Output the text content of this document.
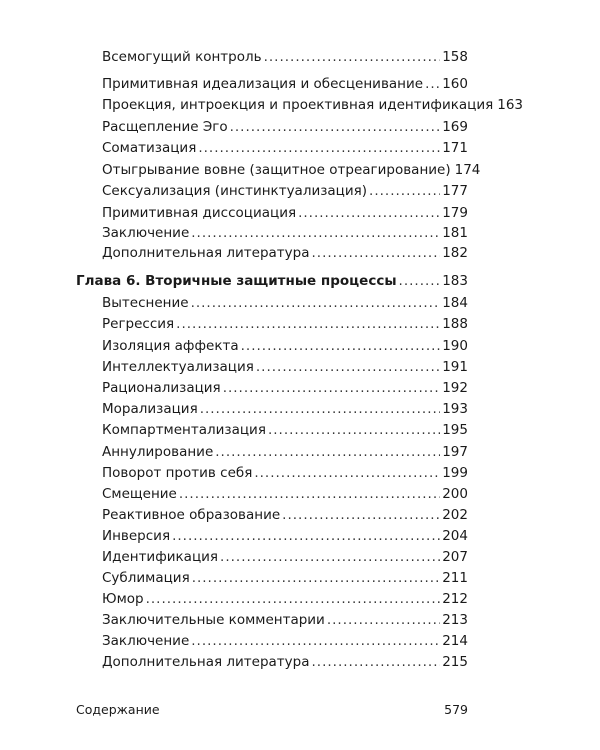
Всемогущий контроль .....	158
Примитивная идеализация и обесценивание ..... 160
Проекция, интроекция и проективная идентификация 163
Расщепление Эго .....	169
Соматизация .....	171
Отыгрывание вовне (защитное отреагирование) 174
Сексуализация (инстинктуализация) .....	177
Примитивная диссоциация .....	179
Заключение .....	181
Дополнительная литература .....	182
Глава 6. Вторичные защитные процессы .....	183
Вытеснение .....	184
Регрессия .....	188
Изоляция аффекта .....	190
Интеллектуализация .....	191
Рационализация .....	192
Морализация .....	193
Компартментализация .....	195
Аннулирование .....	197
Поворот против себя .....	199
Смещение .....	200
Реактивное образование .....	202
Инверсия .....	204
Идентификация .....	207
Сублимация .....	211
Юмор .....	212
Заключительные комментарии .....	213
Заключение .....	214
Дополнительная литература .....	215
Содержание	579
